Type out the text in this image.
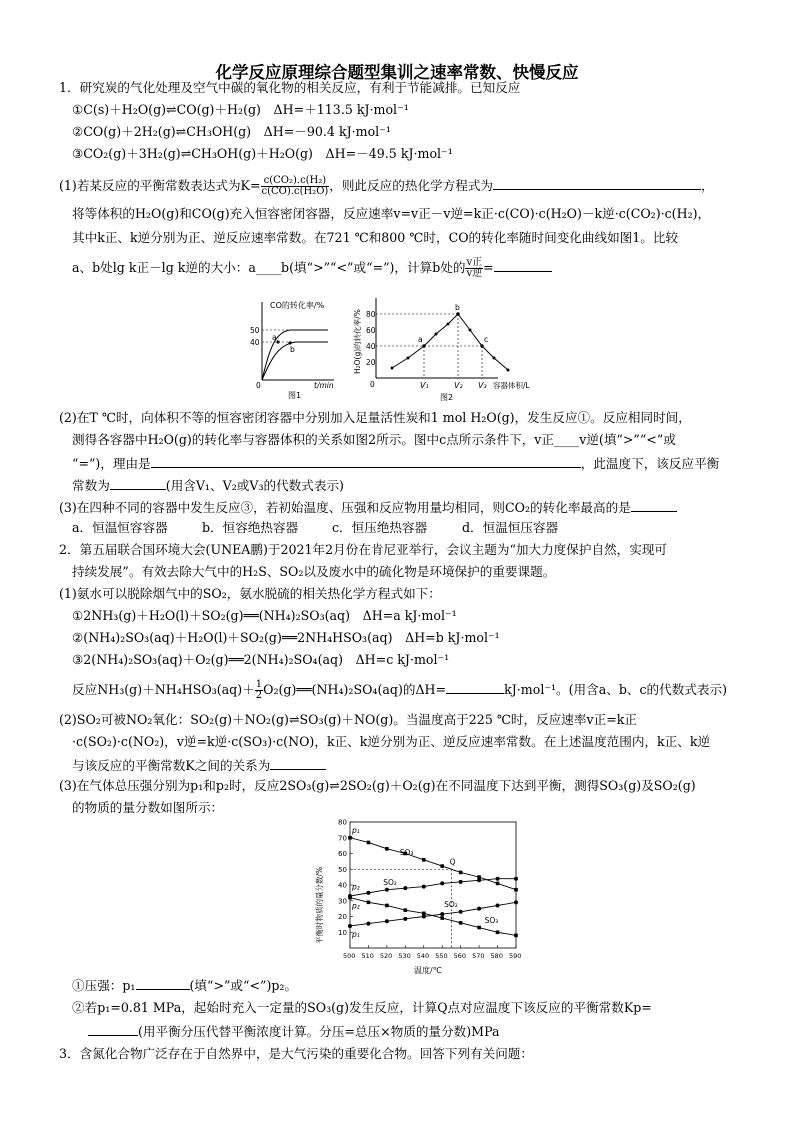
化学反应原理综合题型集训之速率常数、快慢反应
1．研究炭的气化处理及空气中碳的氧化物的相关反应，有利于节能减排。已知反应
①C(s)＋H₂O(g)⇌CO(g)＋H₂(g)　ΔH=＋113.5 kJ·mol⁻¹
②CO(g)＋2H₂(g)⇌CH₃OH(g)　ΔH=－90.4 kJ·mol⁻¹
③CO₂(g)＋3H₂(g)⇌CH₃OH(g)＋H₂O(g)　ΔH=－49.5 kJ·mol⁻¹
(1)若某反应的平衡常数表达式为$K= \frac{\text{c(CO₂).c(H₂)}}{\text{c(CO).c(H₂O)}}$ ，则此反应的热化学方程式为	，
将等体积的H₂O(g)和CO(g)充入恒容密闭容器，反应速率v=v正－v逆=k正·c(CO)·c(H₂O)－k逆·c(CO₂)·c(H₂)，
其中k正、k逆分别为正、逆反应速率常数。在721 ℃和800 ℃时，CO的转化率随时间变化曲线如图1。比较
a、b处lg k正－lg k逆的大小：a____b(填“>”“<”或“=”)，计算b处的 $\frac{\text{v正}}{\text{v逆}}$ =
CO的转化率/%
50
40
0	t/min
a
b
图1
80
60
40
20
0	V₁	V₂ V₃ 容器体积/L
H₂O(g)的转化率/%	a
b
c
图2
(2)在T ℃时，向体积不等的恒容密闭容器中分别加入足量活性炭和1 mol H₂O(g)，发生反应①。反应相同时间，
测得各容器中H₂O(g)的转化率与容器体积的关系如图2所示。图中c点所示条件下，v正____v逆(填“>”“<”或
“=”)，理由是	，此温度下，该反应平衡
常数为	(用含V₁、V₂或V₃的代数式表示)
(3)在四种不同的容器中发生反应③，若初始温度、压强和反应物用量均相同，则CO₂的转化率最高的是
a．恒温恒容容器	b．恒容绝热容器	c．恒压绝热容器	d．恒温恒压容器
2．第五届联合国环境大会(UNEA鹏)于2021年2月份在肯尼亚举行，会议主题为“加大力度保护自然，实现可
持续发展”。有效去除大气中的H₂S、SO₂以及废水中的硫化物是环境保护的重要课题。
(1)氨水可以脱除烟气中的SO₂，氨水脱硫的相关热化学方程式如下：
①2NH₃(g)＋H₂O(l)＋SO₂(g)══(NH₄)₂SO₃(aq)　ΔH=a kJ·mol⁻¹
②(NH₄)₂SO₃(aq)＋H₂O(l)＋SO₂(g)══2NH₄HSO₃(aq)　ΔH=b kJ·mol⁻¹
③2(NH₄)₂SO₃(aq)＋O₂(g)══2(NH₄)₂SO₄(aq)　ΔH=c kJ·mol⁻¹
反应$NH_3(g)+NH_4HSO_3(aq)+ \frac{1}{2}$ O₂(g)══(NH₄)₂SO₄(aq)的ΔH=	kJ·mol⁻¹。(用含a、b、c的代数式表示)
(2)SO₂可被NO₂氧化：SO₂(g)＋NO₂(g)⇌SO₃(g)＋NO(g)。当温度高于225 ℃时，反应速率v正=k正
·c(SO₂)·c(NO₂)，v逆=k逆·c(SO₃)·c(NO)，k正、k逆分别为正、逆反应速率常数。在上述温度范围内，k正、k逆
与该反应的平衡常数K之间的关系为
(3)在气体总压强分别为p₁和p₂时，反应2SO₃(g)⇌2SO₂(g)＋O₂(g)在不同温度下达到平衡，测得SO₃(g)及SO₂(g)
的物质的量分数如图所示：
10
20
30
40
50
60
70
80
500 510 520 530 540 550 560 570 580 590
温度/℃
平衡时物质的量分数/%
p₁
p₂
p₂
p₁
SO₃
SO₂
SO₂
SO₃
Q
①压强：p₁	(填“>”或“<”)p₂。
②若p₁=0.81 MPa，起始时充入一定量的SO₃(g)发生反应，计算Q点对应温度下该反应的平衡常数Kp=
(用平衡分压代替平衡浓度计算。分压=总压×物质的量分数)MPa
3．含氮化合物广泛存在于自然界中，是大气污染的重要化合物。回答下列有关问题：
